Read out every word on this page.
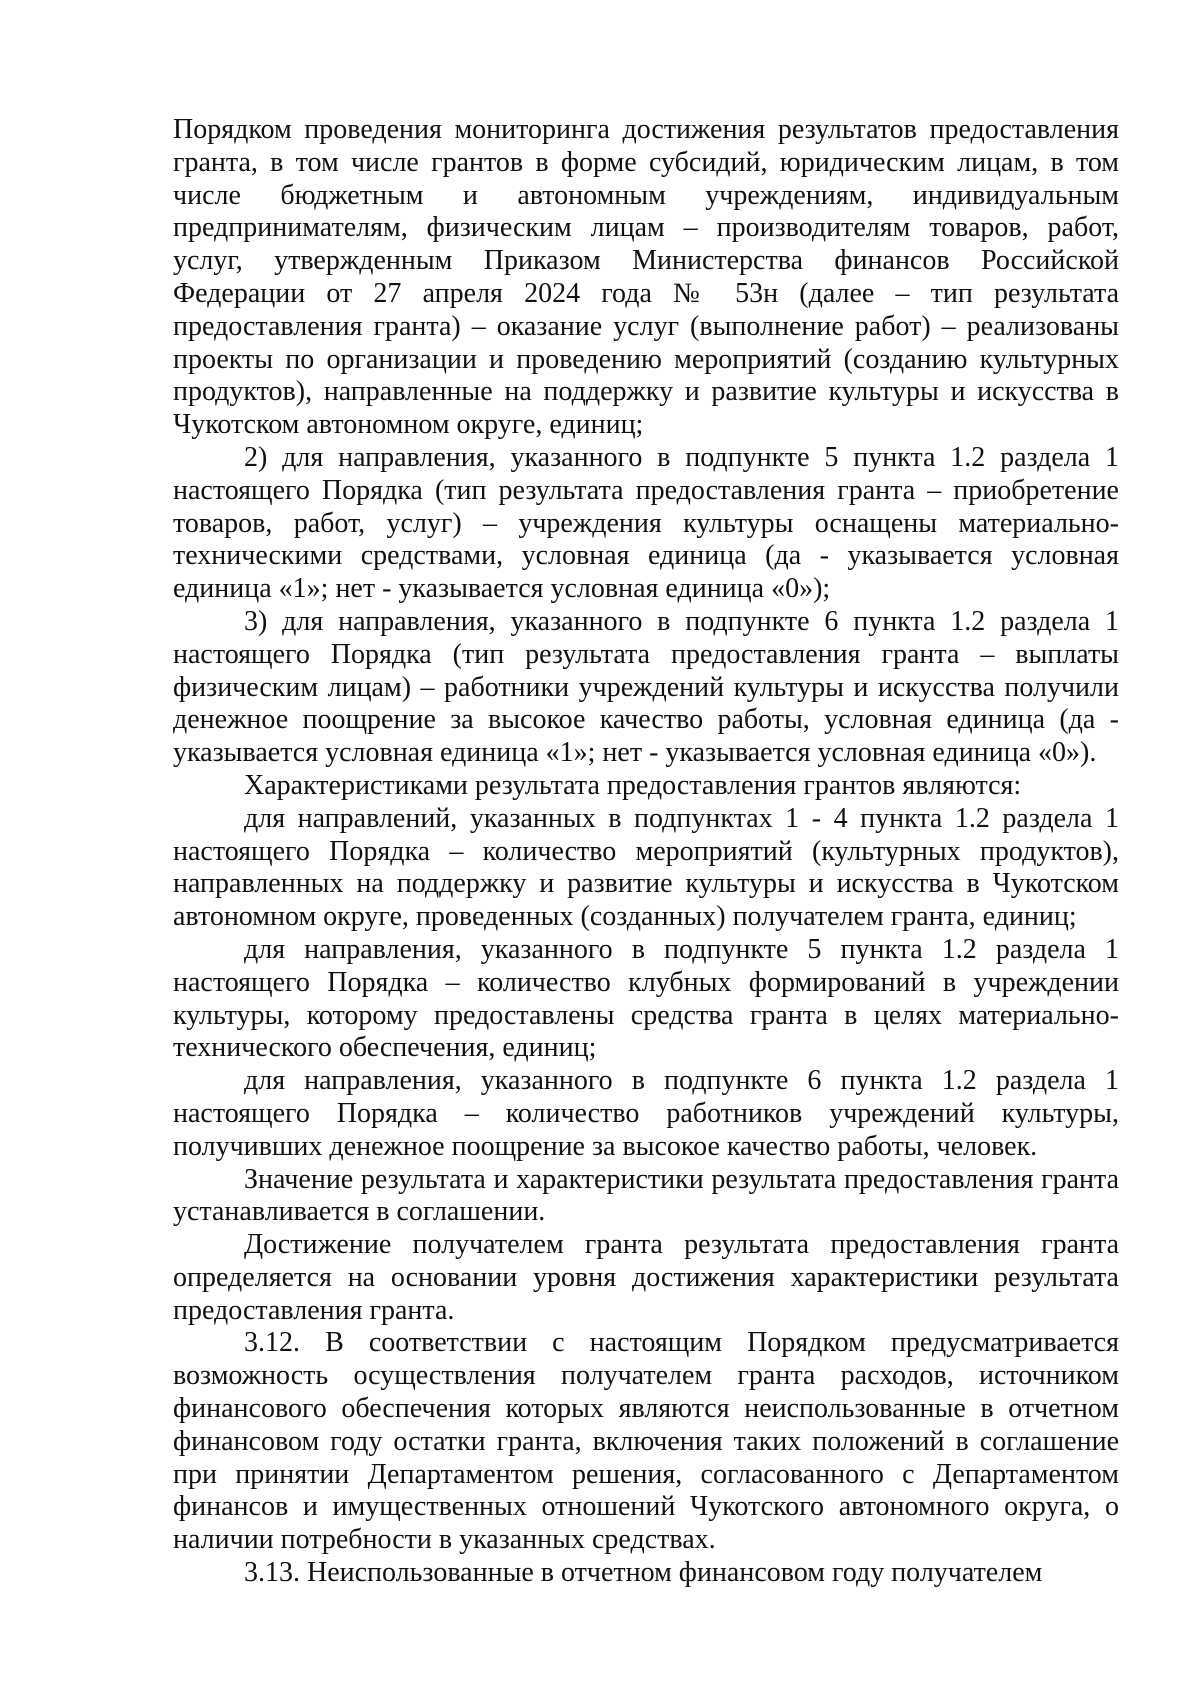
Порядком проведения мониторинга достижения результатов предоставления гранта, в том числе грантов в форме субсидий, юридическим лицам, в том числе бюджетным и автономным учреждениям, индивидуальным предпринимателям, физическим лицам – производителям товаров, работ, услуг, утвержденным Приказом Министерства финансов Российской Федерации от 27 апреля 2024 года № 53н (далее – тип результата предоставления гранта) – оказание услуг (выполнение работ) – реализованы проекты по организации и проведению мероприятий (созданию культурных продуктов), направленные на поддержку и развитие культуры и искусства в Чукотском автономном округе, единиц;

2) для направления, указанного в подпункте 5 пункта 1.2 раздела 1 настоящего Порядка (тип результата предоставления гранта – приобретение товаров, работ, услуг) – учреждения культуры оснащены материально-техническими средствами, условная единица (да - указывается условная единица «1»; нет - указывается условная единица «0»);

3) для направления, указанного в подпункте 6 пункта 1.2 раздела 1 настоящего Порядка (тип результата предоставления гранта – выплаты физическим лицам) – работники учреждений культуры и искусства получили денежное поощрение за высокое качество работы, условная единица (да - указывается условная единица «1»; нет - указывается условная единица «0»).

Характеристиками результата предоставления грантов являются:

для направлений, указанных в подпунктах 1 - 4 пункта 1.2 раздела 1 настоящего Порядка – количество мероприятий (культурных продуктов), направленных на поддержку и развитие культуры и искусства в Чукотском автономном округе, проведенных (созданных) получателем гранта, единиц;

для направления, указанного в подпункте 5 пункта 1.2 раздела 1 настоящего Порядка – количество клубных формирований в учреждении культуры, которому предоставлены средства гранта в целях материально-технического обеспечения, единиц;

для направления, указанного в подпункте 6 пункта 1.2 раздела 1 настоящего Порядка – количество работников учреждений культуры, получивших денежное поощрение за высокое качество работы, человек.

Значение результата и характеристики результата предоставления гранта устанавливается в соглашении.

Достижение получателем гранта результата предоставления гранта определяется на основании уровня достижения характеристики результата предоставления гранта.

3.12. В соответствии с настоящим Порядком предусматривается возможность осуществления получателем гранта расходов, источником финансового обеспечения которых являются неиспользованные в отчетном финансовом году остатки гранта, включения таких положений в соглашение при принятии Департаментом решения, согласованного с Департаментом финансов и имущественных отношений Чукотского автономного округа, о наличии потребности в указанных средствах.

3.13. Неиспользованные в отчетном финансовом году получателем
